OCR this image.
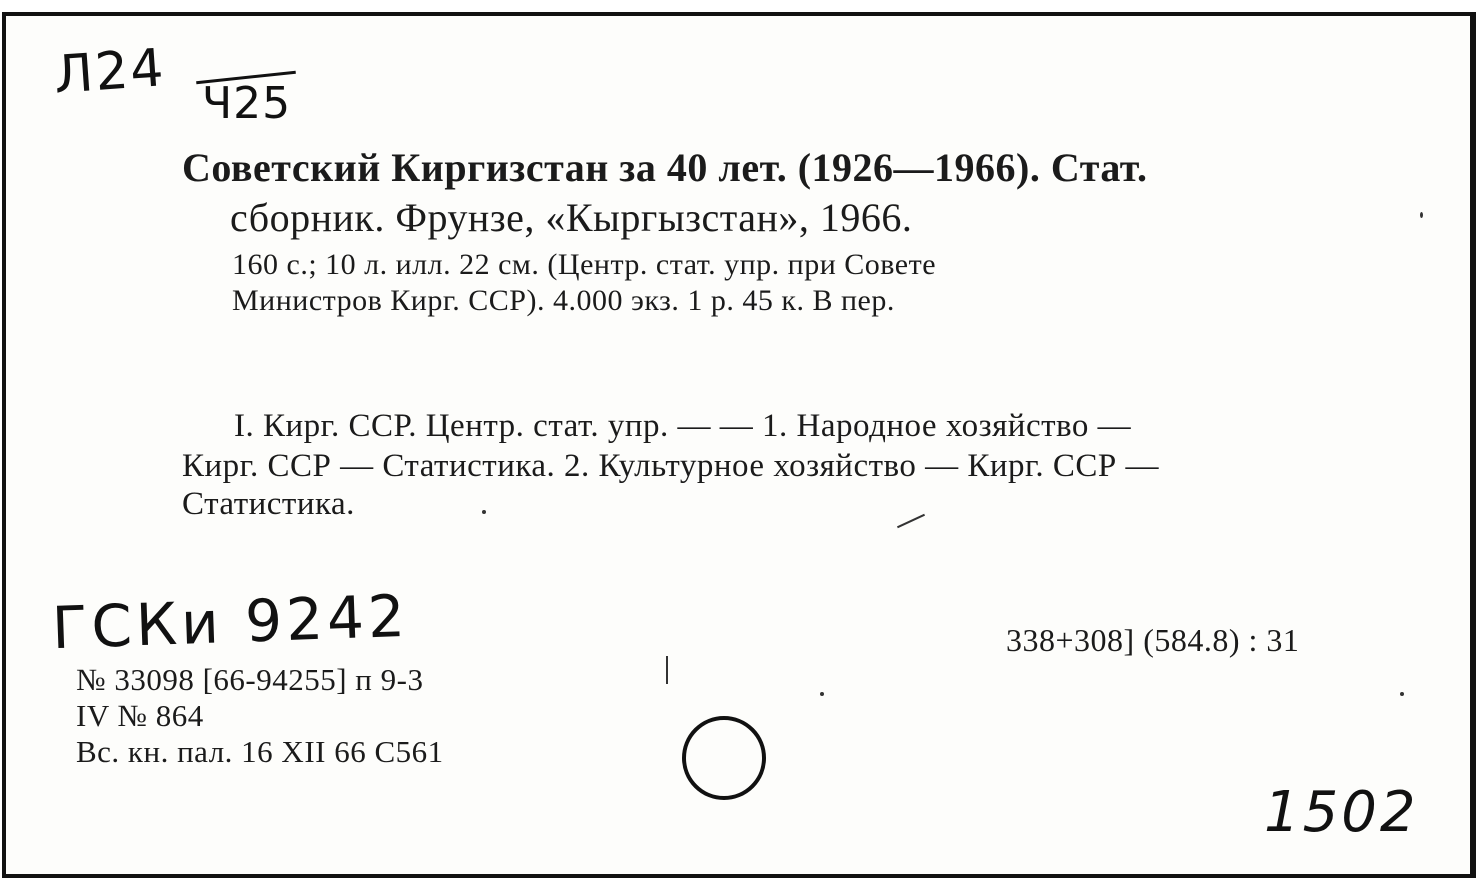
Л24 Ч25
Советский Киргизстан за 40 лет. (1926—1966). Стат.
сборник. Фрунзе, «Кыргызстан», 1966.
160 с.; 10 л. илл. 22 см. (Центр. стат. упр. при Совете
Министров Кирг. ССР). 4.000 экз. 1 р. 45 к. В пер.
I. Кирг. ССР. Центр. стат. упр. — — 1. Народное хозяйство —
Кирг. ССР — Статистика. 2. Культурное хозяйство — Кирг. ССР —
Статистика.
ГСКи 9242	338+308] (584.8) : 31
№ 33098 [66-94255] п 9-3
IV № 864
Вс. кн. пал. 16 XII 66 С561
1502
